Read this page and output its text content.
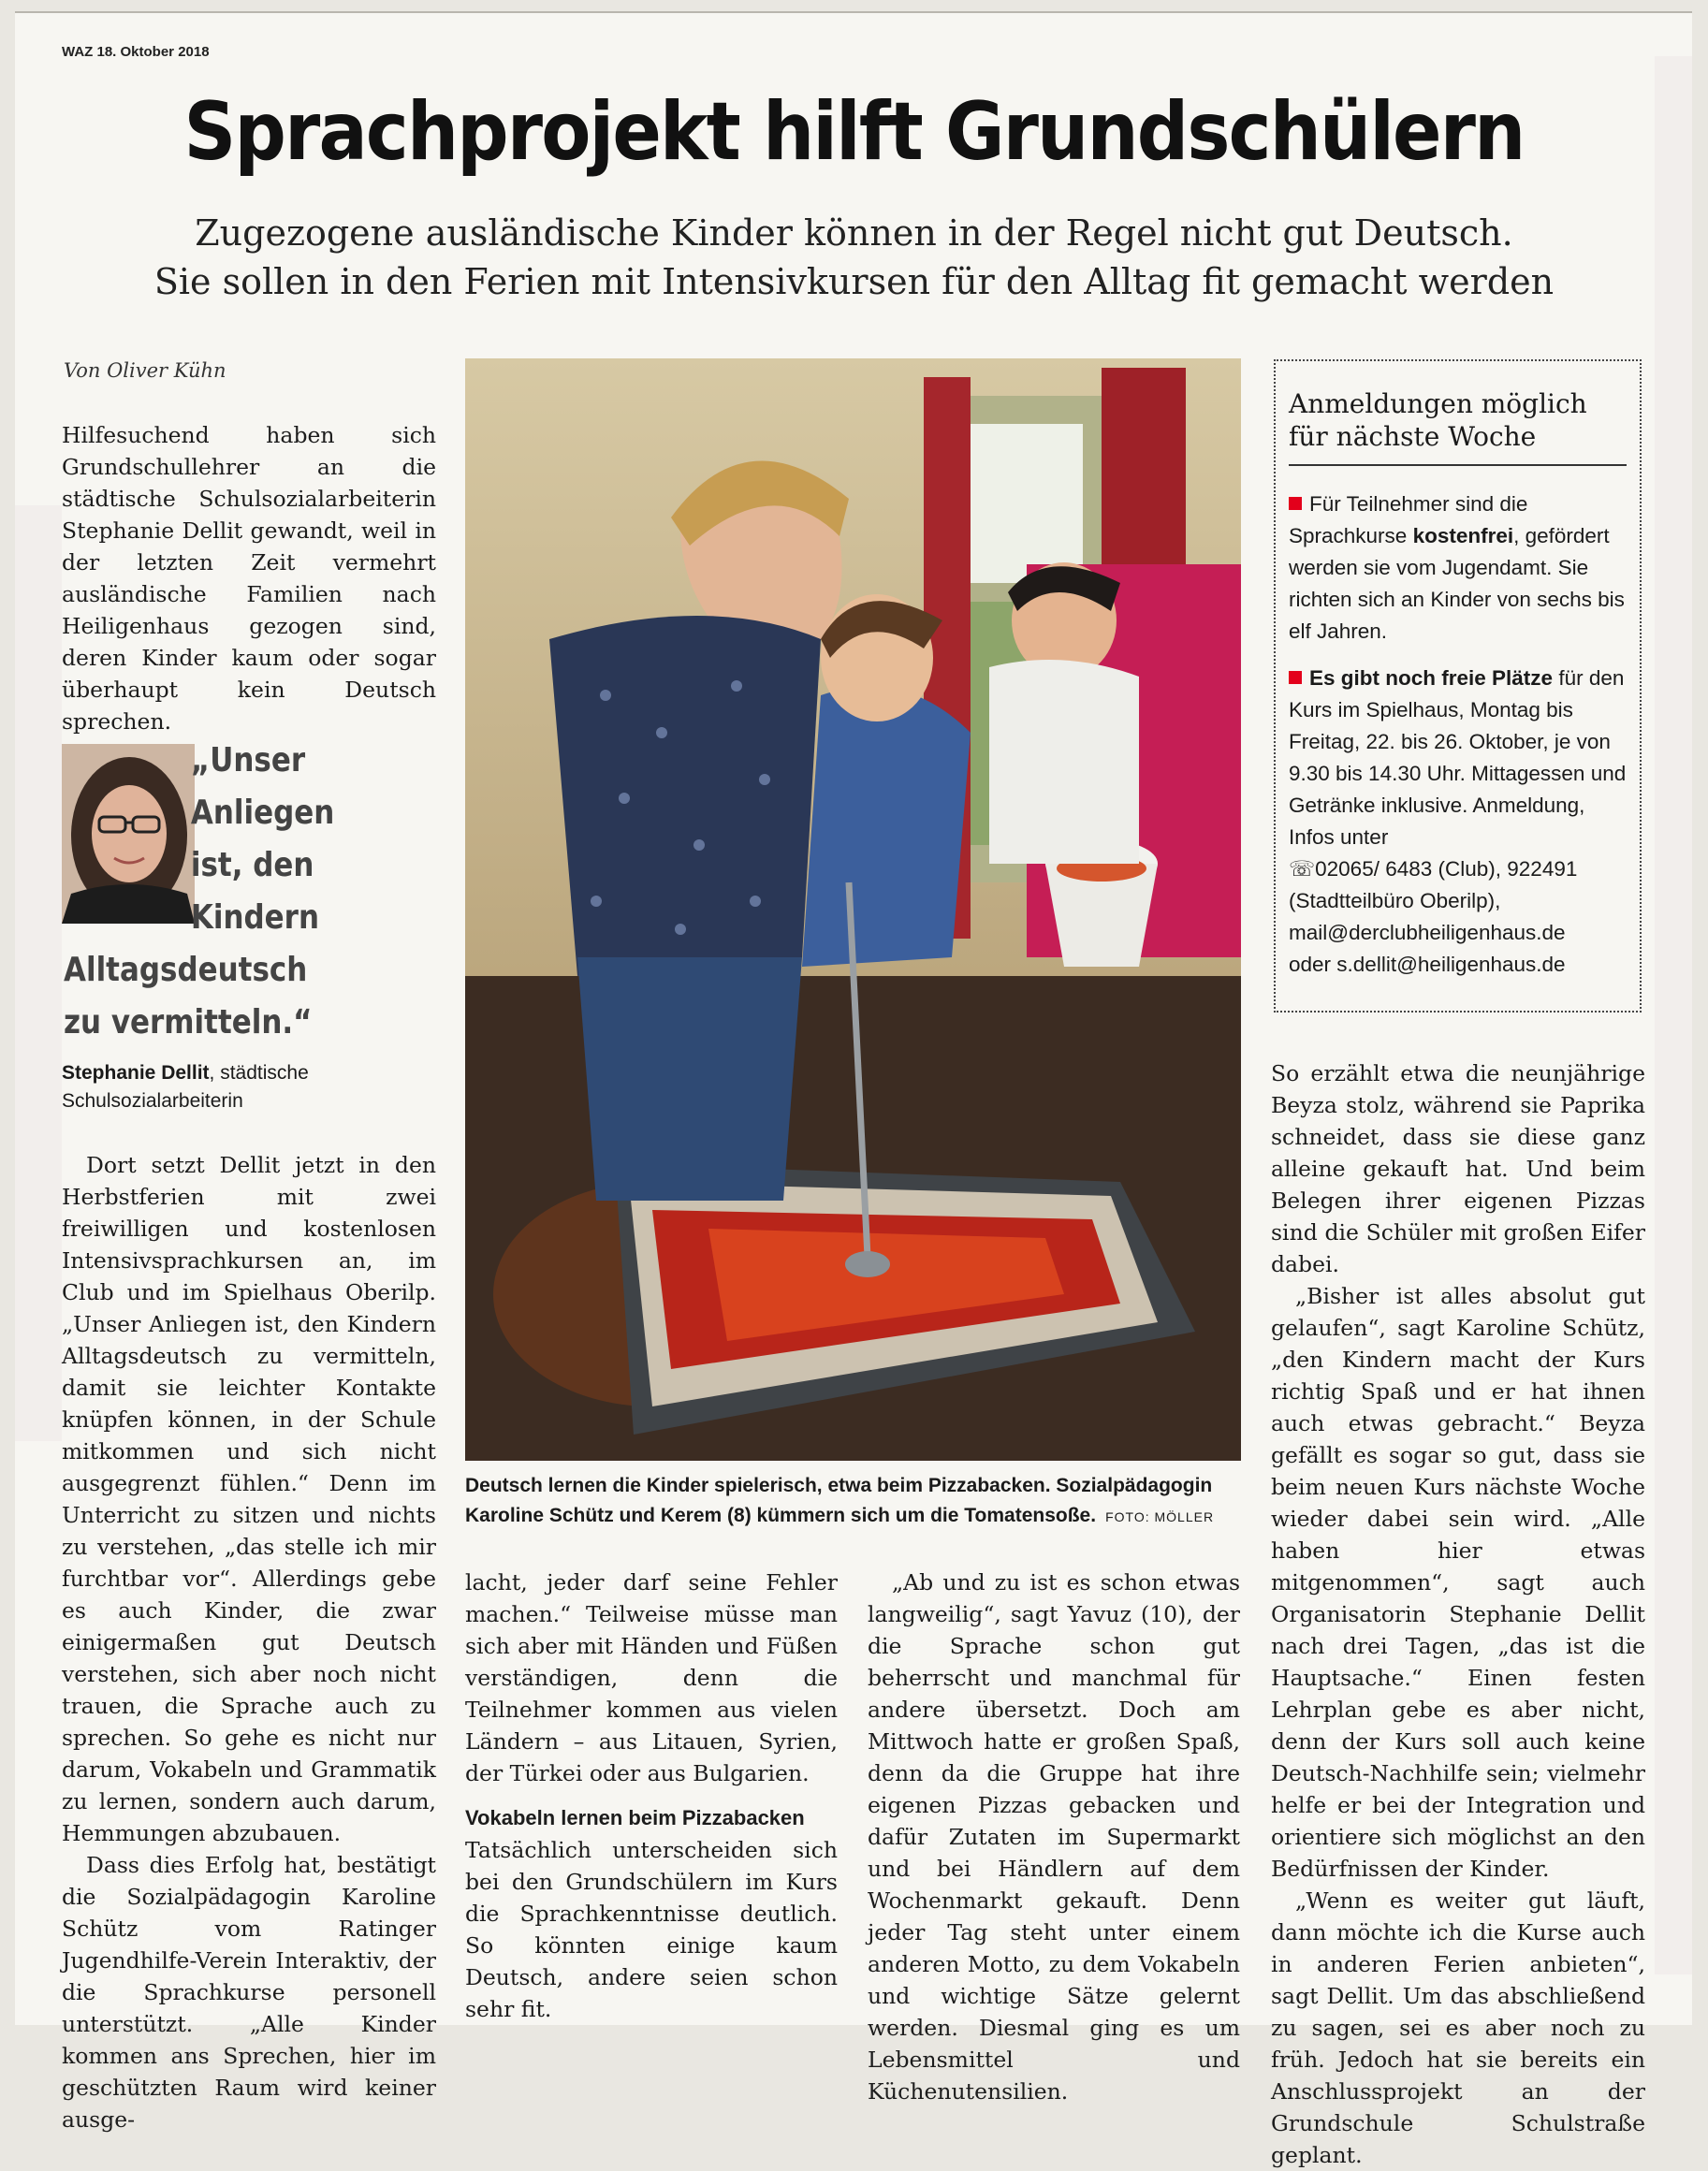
WAZ 18. Oktober 2018
Sprachprojekt hilft Grundschülern
Zugezogene ausländische Kinder können in der Regel nicht gut Deutsch.
Sie sollen in den Ferien mit Intensivkursen für den Alltag fit gemacht werden
Von Oliver Kühn

Hilfesuchend haben sich Grundschullehrer an die städtische Schulsozialarbeiterin Stephanie Dellit gewandt, weil in der letzten Zeit vermehrt ausländische Familien nach Heiligenhaus gezogen sind, deren Kinder kaum oder sogar überhaupt kein Deutsch sprechen.

„Unser
Anliegen
ist, den
Kindern
Alltagsdeutsch
zu vermitteln.“
Stephanie Dellit, städtische Schulsozialarbeiterin

Dort setzt Dellit jetzt in den Herbstferien mit zwei freiwilligen und kostenlosen Intensivsprachkursen an, im Club und im Spielhaus Oberilp. „Unser Anliegen ist, den Kindern Alltagsdeutsch zu vermitteln, damit sie leichter Kontakte knüpfen können, in der Schule mitkommen und sich nicht ausgegrenzt fühlen.“ Denn im Unterricht zu sitzen und nichts zu verstehen, „das stelle ich mir furchtbar vor“. Allerdings gebe es auch Kinder, die zwar einigermaßen gut Deutsch verstehen, sich aber noch nicht trauen, die Sprache auch zu sprechen. So gehe es nicht nur darum, Vokabeln und Grammatik zu lernen, sondern auch darum, Hemmungen abzubauen.

Dass dies Erfolg hat, bestätigt die Sozialpädagogin Karoline Schütz vom Ratinger Jugendhilfe-Verein Interaktiv, der die Sprachkurse personell unterstützt. „Alle Kinder kommen ans Sprechen, hier im geschützten Raum wird keiner ausge-

Deutsch lernen die Kinder spielerisch, etwa beim Pizzabacken. Sozialpädagogin Karoline Schütz und Kerem (8) kümmern sich um die Tomatensoße. FOTO: MÖLLER
Anmeldungen möglich für nächste Woche

Für Teilnehmer sind die Sprachkurse kostenfrei, gefördert werden sie vom Jugendamt. Sie richten sich an Kinder von sechs bis elf Jahren.

Es gibt noch freie Plätze für den Kurs im Spielhaus, Montag bis Freitag, 22. bis 26. Oktober, je von 9.30 bis 14.30 Uhr. Mittagessen und Getränke inklusive. Anmeldung, Infos unter
☏02065/ 6483 (Club), 922491 (Stadtteilbüro Oberilp),
mail@derclubheiligenhaus.de
oder s.dellit@heiligenhaus.de

lacht, jeder darf seine Fehler machen.“ Teilweise müsse man sich aber mit Händen und Füßen verständigen, denn die Teilnehmer kommen aus vielen Ländern – aus Litauen, Syrien, der Türkei oder aus Bulgarien.

Vokabeln lernen beim Pizzabacken

Tatsächlich unterscheiden sich bei den Grundschülern im Kurs die Sprachkenntnisse deutlich. So könnten einige kaum Deutsch, andere seien schon sehr fit.

„Ab und zu ist es schon etwas langweilig“, sagt Yavuz (10), der die Sprache schon gut beherrscht und manchmal für andere übersetzt. Doch am Mittwoch hatte er großen Spaß, denn da die Gruppe hat ihre eigenen Pizzas gebacken und dafür Zutaten im Supermarkt und bei Händlern auf dem Wochenmarkt gekauft. Denn jeder Tag steht unter einem anderen Motto, zu dem Vokabeln und wichtige Sätze gelernt werden. Diesmal ging es um Lebensmittel und Küchenutensilien.

So erzählt etwa die neunjährige Beyza stolz, während sie Paprika schneidet, dass sie diese ganz alleine gekauft hat. Und beim Belegen ihrer eigenen Pizzas sind die Schüler mit großen Eifer dabei.

„Bisher ist alles absolut gut gelaufen“, sagt Karoline Schütz, „den Kindern macht der Kurs richtig Spaß und er hat ihnen auch etwas gebracht.“ Beyza gefällt es sogar so gut, dass sie beim neuen Kurs nächste Woche wieder dabei sein wird. „Alle haben hier etwas mitgenommen“, sagt auch Organisatorin Stephanie Dellit nach drei Tagen, „das ist die Hauptsache.“ Einen festen Lehrplan gebe es aber nicht, denn der Kurs soll auch keine Deutsch-Nachhilfe sein; vielmehr helfe er bei der Integration und orientiere sich möglichst an den Bedürfnissen der Kinder.

„Wenn es weiter gut läuft, dann möchte ich die Kurse auch in anderen Ferien anbieten“, sagt Dellit. Um das abschließend zu sagen, sei es aber noch zu früh. Jedoch hat sie bereits ein Anschlussprojekt an der Grundschule Schulstraße geplant.
